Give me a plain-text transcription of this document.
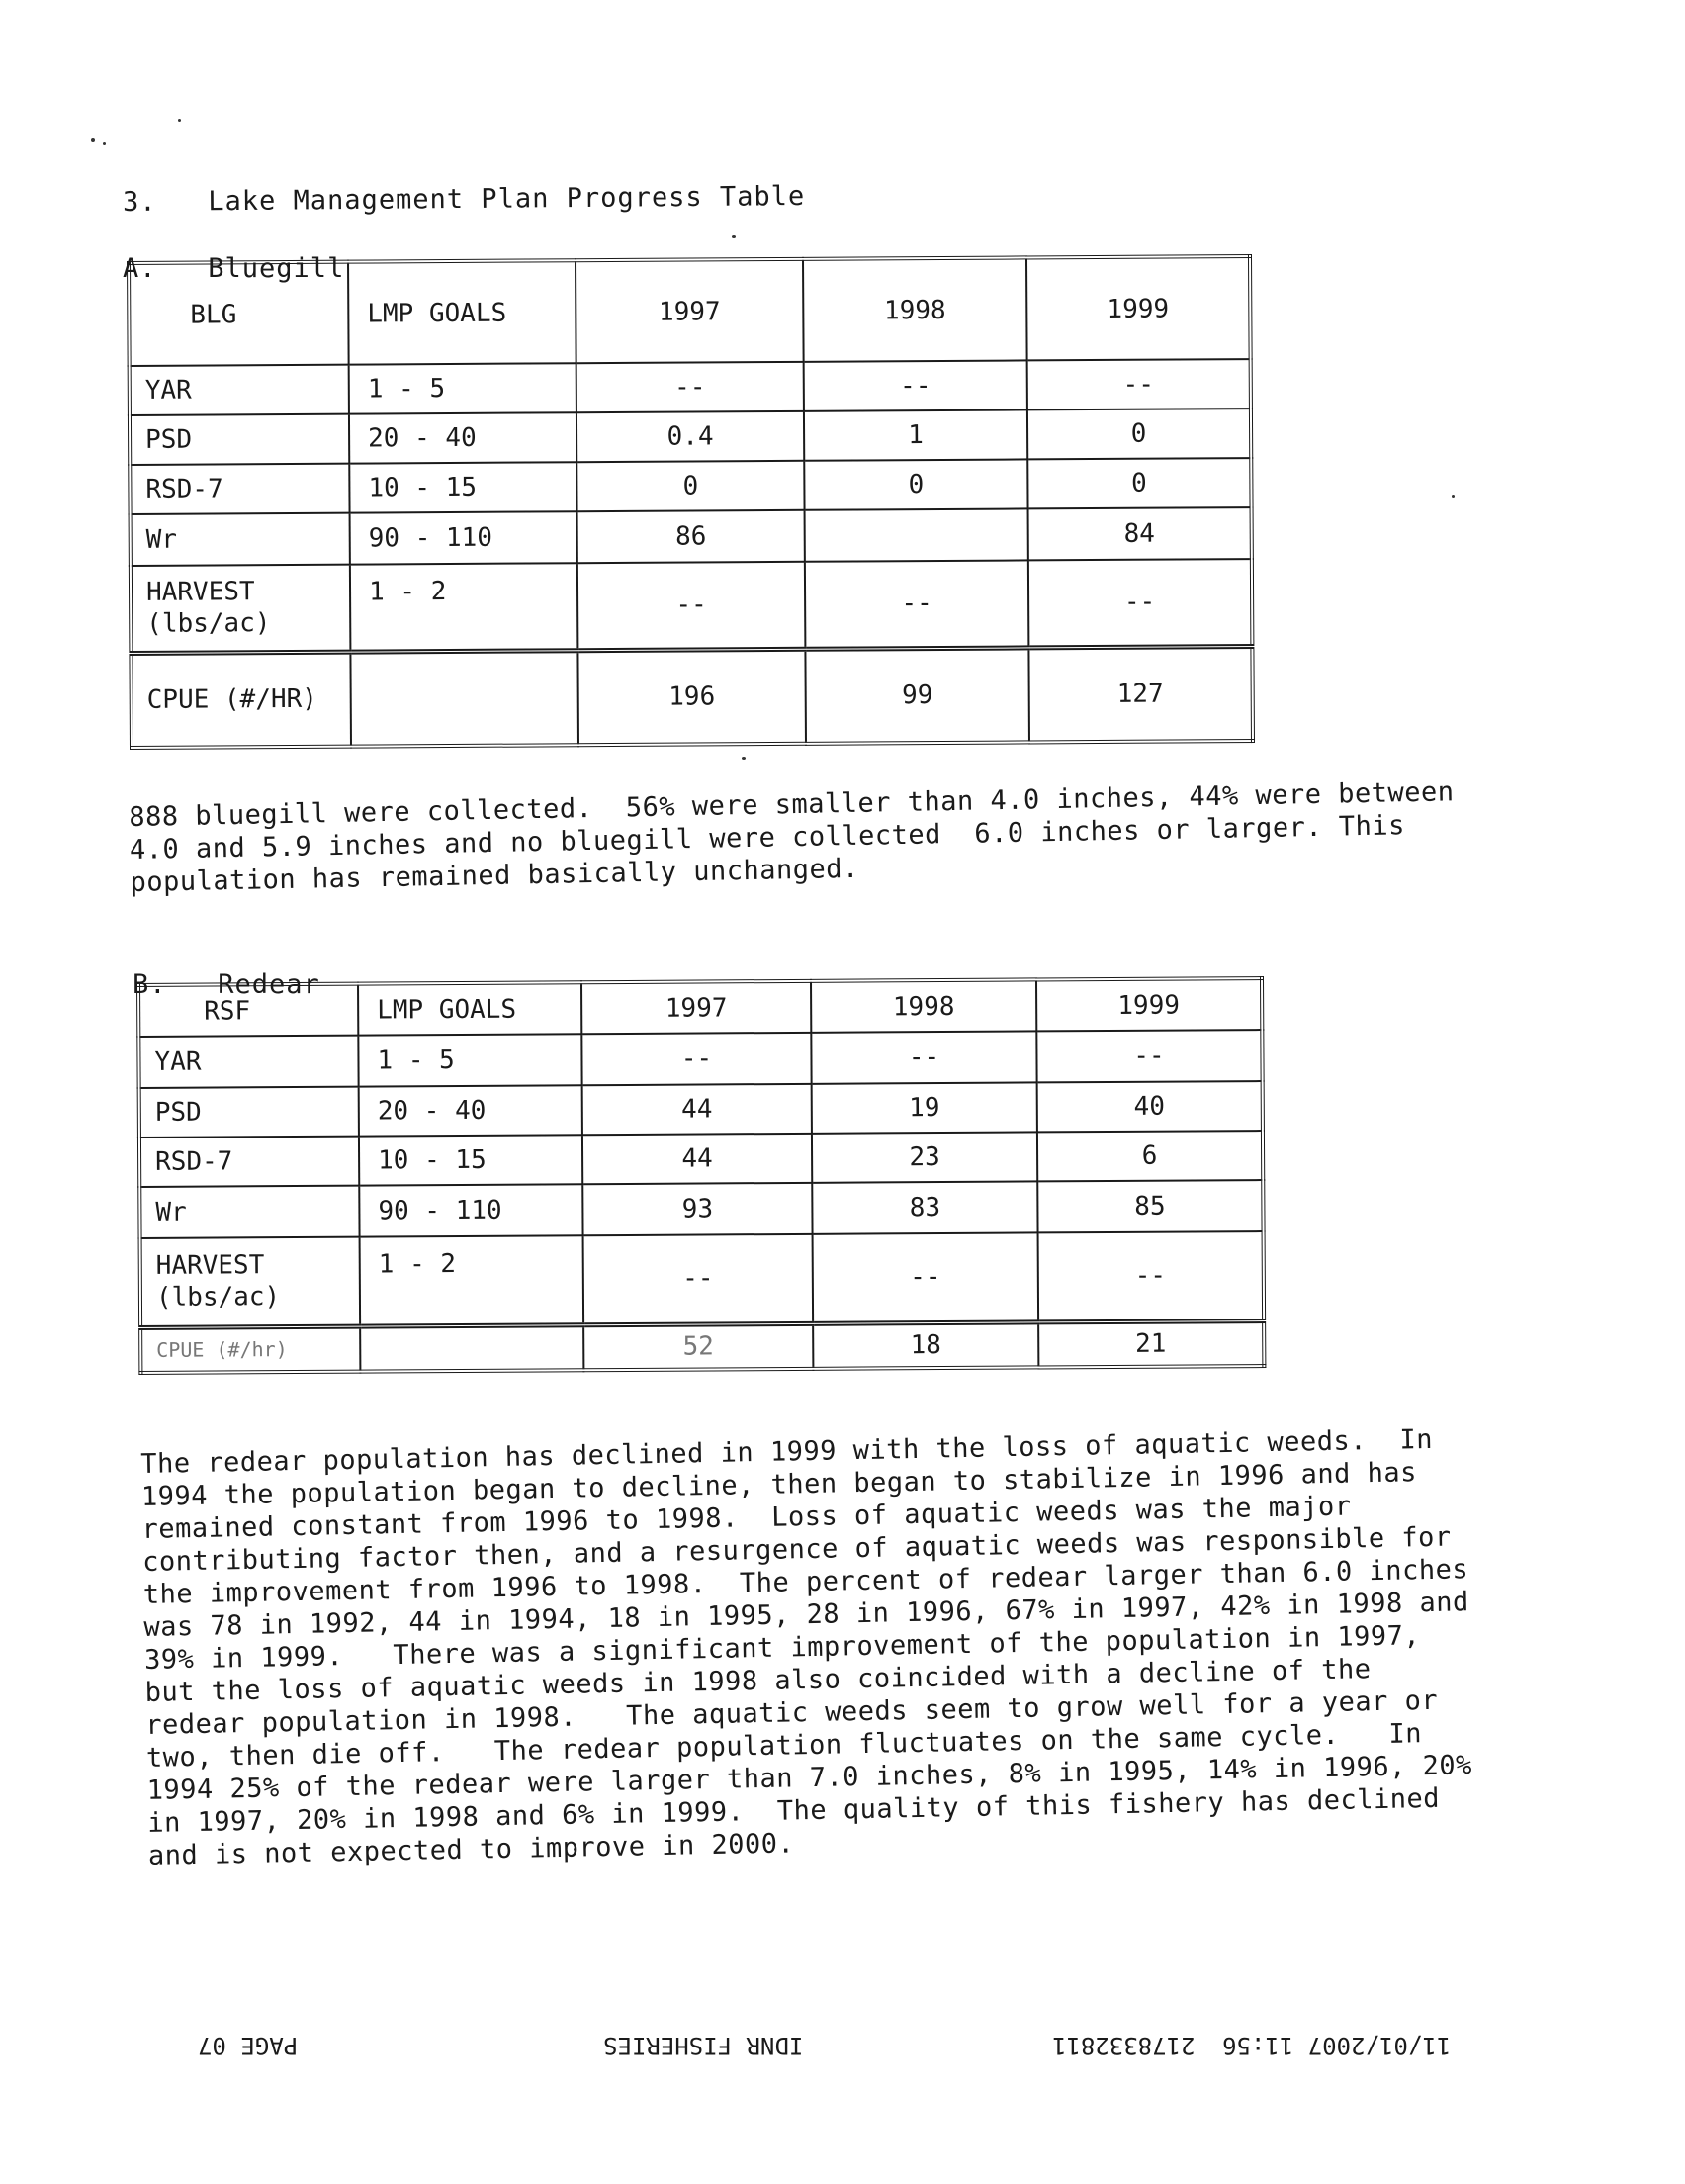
3.   Lake Management Plan Progress Table
A.   Bluegill
BLG	LMP GOALS	1997	1998	1999
YAR	1 - 5	--	--	--
PSD	20 - 40	0.4	1	0
RSD-7	10 - 15	0	0	0
Wr	90 - 110	86		84
HARVEST (lbs/ac)	1 - 2	--	--	--
CPUE (#/HR)		196	99	127
888 bluegill were collected.  56% were smaller than 4.0 inches, 44% were between
4.0 and 5.9 inches and no bluegill were collected  6.0 inches or larger. This
population has remained basically unchanged.
B.   Redear
RSF	LMP GOALS	1997	1998	1999
YAR	1 - 5	--	--	--
PSD	20 - 40	44	19	40
RSD-7	10 - 15	44	23	6
Wr	90 - 110	93	83	85
HARVEST (lbs/ac)	1 - 2	--	--	--
CPUE (#/hr)		52	18	21
The redear population has declined in 1999 with the loss of aquatic weeds.  In
1994 the population began to decline, then began to stabilize in 1996 and has
remained constant from 1996 to 1998.  Loss of aquatic weeds was the major
contributing factor then, and a resurgence of aquatic weeds was responsible for
the improvement from 1996 to 1998.  The percent of redear larger than 6.0 inches
was 78 in 1992, 44 in 1994, 18 in 1995, 28 in 1996, 67% in 1997, 42% in 1998 and
39% in 1999.   There was a significant improvement of the population in 1997,
but the loss of aquatic weeds in 1998 also coincided with a decline of the
redear population in 1998.   The aquatic weeds seem to grow well for a year or
two, then die off.   The redear population fluctuates on the same cycle.   In
1994 25% of the redear were larger than 7.0 inches, 8% in 1995, 14% in 1996, 20%
in 1997, 20% in 1998 and 6% in 1999.  The quality of this fishery has declined
and is not expected to improve in 2000.
PAGE 07	IDNR FISHERIES	2178332811 11/01/2007 11:56
